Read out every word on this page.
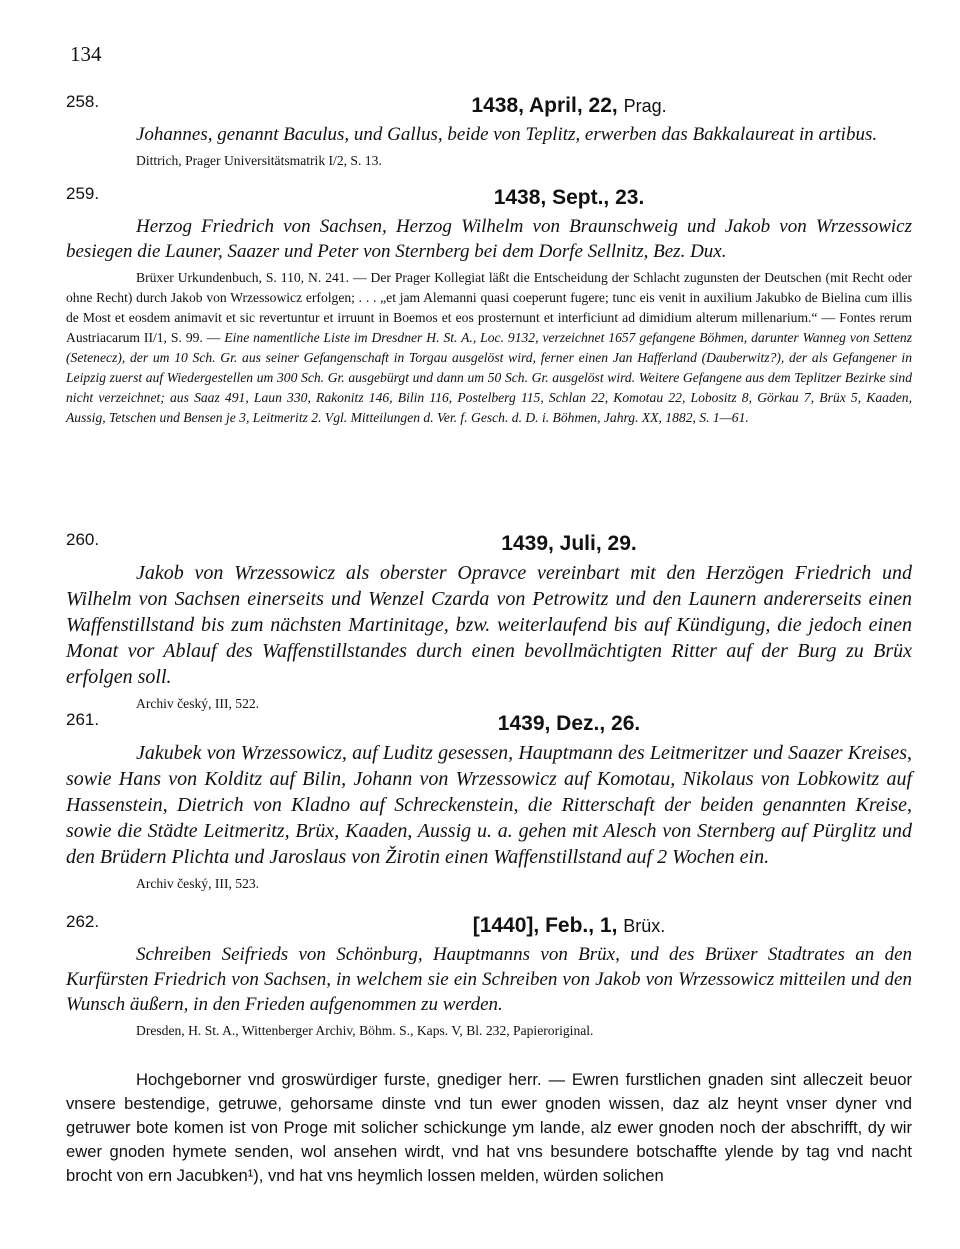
134
258.	1438, April, 22, Prag.
Johannes, genannt Baculus, und Gallus, beide von Teplitz, erwerben das Bakkalaureat in artibus.
Dittrich, Prager Universitätsmatrik I/2, S. 13.
259.	1438, Sept., 23.
Herzog Friedrich von Sachsen, Herzog Wilhelm von Braunschweig und Jakob von Wrzessowicz besiegen die Launer, Saazer und Peter von Sternberg bei dem Dorfe Sellnitz, Bez. Dux.
Brüxer Urkundenbuch, S. 110, N. 241. — Der Prager Kollegiat läßt die Entscheidung der Schlacht zugunsten der Deutschen (mit Recht oder ohne Recht) durch Jakob von Wrzessowicz erfolgen; . . . „et jam Alemanni quasi coeperunt fugere; tunc eis venit in auxilium Jakubko de Bielina cum illis de Most et eosdem animavit et sic revertuntur et irruunt in Boemos et eos prosternunt et interficiunt ad dimidium alterum millenarium.“ — Fontes rerum Austriacarum II/1, S. 99. — Eine namentliche Liste im Dresdner H. St. A., Loc. 9132, verzeichnet 1657 gefangene Böhmen, darunter Wanneg von Settenz (Setenecz), der um 10 Sch. Gr. aus seiner Gefangenschaft in Torgau ausgelöst wird, ferner einen Jan Hafferland (Dauberwitz?), der als Gefangener in Leipzig zuerst auf Wiedergestellen um 300 Sch. Gr. ausgebürgt und dann um 50 Sch. Gr. ausgelöst wird. Weitere Gefangene aus dem Teplitzer Bezirke sind nicht verzeichnet; aus Saaz 491, Laun 330, Rakonitz 146, Bilin 116, Postelberg 115, Schlan 22, Komotau 22, Lobositz 8, Görkau 7, Brüx 5, Kaaden, Aussig, Tetschen und Bensen je 3, Leitmeritz 2. Vgl. Mitteilungen d. Ver. f. Gesch. d. D. i. Böhmen, Jahrg. XX, 1882, S. 1—61.
260.	1439, Juli, 29.
Jakob von Wrzessowicz als oberster Opravce vereinbart mit den Herzögen Friedrich und Wilhelm von Sachsen einerseits und Wenzel Czarda von Petrowitz und den Launern andererseits einen Waffenstillstand bis zum nächsten Martinitage, bzw. weiterlaufend bis auf Kündigung, die jedoch einen Monat vor Ablauf des Waffenstillstandes durch einen bevollmächtigten Ritter auf der Burg zu Brüx erfolgen soll.
Archiv český, III, 522.
261.	1439, Dez., 26.
Jakubek von Wrzessowicz, auf Luditz gesessen, Hauptmann des Leitmeritzer und Saazer Kreises, sowie Hans von Kolditz auf Bilin, Johann von Wrzessowicz auf Komotau, Nikolaus von Lobkowitz auf Hassenstein, Dietrich von Kladno auf Schreckenstein, die Ritterschaft der beiden genannten Kreise, sowie die Städte Leitmeritz, Brüx, Kaaden, Aussig u. a. gehen mit Alesch von Sternberg auf Pürglitz und den Brüdern Plichta und Jaroslaus von Žirotin einen Waffenstillstand auf 2 Wochen ein.
Archiv český, III, 523.
262.	[1440], Feb., 1, Brüx.
Schreiben Seifrieds von Schönburg, Hauptmanns von Brüx, und des Brüxer Stadtrates an den Kurfürsten Friedrich von Sachsen, in welchem sie ein Schreiben von Jakob von Wrzessowicz mitteilen und den Wunsch äußern, in den Frieden aufgenommen zu werden.
Dresden, H. St. A., Wittenberger Archiv, Böhm. S., Kaps. V, Bl. 232, Papieroriginal.
Hochgeborner vnd groswürdiger furste, gnediger herr. — Ewren furstlichen gnaden sint alleczeit beuor vnsere bestendige, getruwe, gehorsame dinste vnd tun ewer gnoden wissen, daz alz heynt vnser dyner vnd getruwer bote komen ist von Proge mit solicher schickunge ym lande, alz ewer gnoden noch der abschrifft, dy wir ewer gnoden hymete senden, wol ansehen wirdt, vnd hat vns besundere botschaffte ylende by tag vnd nacht brocht von ern Jacubken¹), vnd hat vns heymlich lossen melden, würden solichen
